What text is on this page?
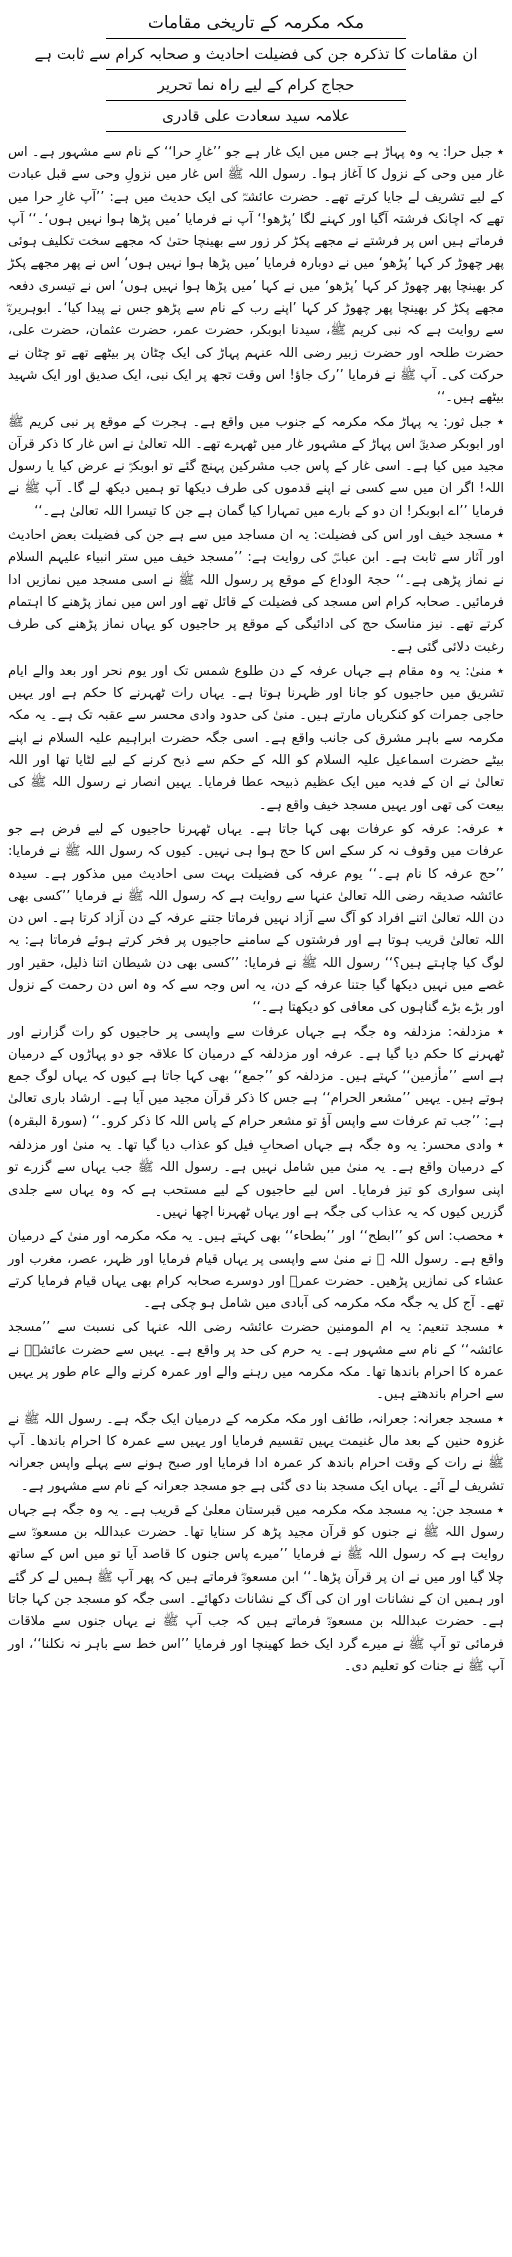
مکہ مکرمہ کے تاریخی مقامات

ان مقامات کا تذکرہ جن کی فضیلت احادیث و صحابہ کرام سے ثابت ہے

حجاج کرام کے لیے راہ نما تحریر

علامہ سید سعادت علی قادری

٭ جبل حرا: یہ وہ پہاڑ ہے جس میں ایک غار ہے جو ’’غارِ حرا‘‘ کے نام سے مشہور ہے۔ اس غار میں وحی کے نزول کا آغاز ہوا۔ رسول اللہ ﷺ اس غار میں نزولِ وحی سے قبل عبادت کے لیے تشریف لے جایا کرتے تھے۔ حضرت عائشہؓ کی ایک حدیث میں ہے: ’’آپ غارِ حرا میں تھے کہ اچانک فرشتہ آگیا اور کہنے لگا ’پڑھو!‘ آپ نے فرمایا ’میں پڑھا ہوا نہیں ہوں‘۔‘‘ آپ فرماتے ہیں اس پر فرشتے نے مجھے پکڑ کر زور سے بھینچا حتیٰ کہ مجھے سخت تکلیف ہوئی پھر چھوڑ کر کہا ’پڑھو‘ میں نے دوبارہ فرمایا ’میں پڑھا ہوا نہیں ہوں‘ اس نے پھر مجھے پکڑ کر بھینچا پھر چھوڑ کر کہا ’پڑھو‘ میں نے کہا ’میں پڑھا ہوا نہیں ہوں‘ اس نے تیسری دفعہ مجھے پکڑ کر بھینچا پھر چھوڑ کر کہا ’اپنے رب کے نام سے پڑھو جس نے پیدا کیا‘۔ ابوہریرہؓ سے روایت ہے کہ نبی کریم ﷺ، سیدنا ابوبکر، حضرت عمر، حضرت عثمان، حضرت علی، حضرت طلحہ اور حضرت زبیر رضی اللہ عنہم پہاڑ کی ایک چٹان پر بیٹھے تھے تو چٹان نے حرکت کی۔ آپ ﷺ نے فرمایا ’’رک جاؤ! اس وقت تجھ پر ایک نبی، ایک صدیق اور ایک شہید بیٹھے ہیں۔‘‘

٭ جبل ثور: یہ پہاڑ مکہ مکرمہ کے جنوب میں واقع ہے۔ ہجرت کے موقع پر نبی کریم ﷺ اور ابوبکر صدیقؓ اس پہاڑ کے مشہور غار میں ٹھہرے تھے۔ اللہ تعالیٰ نے اس غار کا ذکر قرآن مجید میں کیا ہے۔ اسی غار کے پاس جب مشرکین پہنچ گئے تو ابوبکرؓ نے عرض کیا یا رسول اللہ! اگر ان میں سے کسی نے اپنے قدموں کی طرف دیکھا تو ہمیں دیکھ لے گا۔ آپ ﷺ نے فرمایا ’’اے ابوبکر! ان دو کے بارے میں تمہارا کیا گمان ہے جن کا تیسرا اللہ تعالیٰ ہے۔‘‘

٭ مسجد خیف اور اس کی فضیلت: یہ ان مساجد میں سے ہے جن کی فضیلت بعض احادیث اور آثار سے ثابت ہے۔ ابن عباسؓ کی روایت ہے: ’’مسجد خیف میں ستر انبیاء علیہم السلام نے نماز پڑھی ہے۔‘‘ حجۃ الوداع کے موقع پر رسول اللہ ﷺ نے اسی مسجد میں نمازیں ادا فرمائیں۔ صحابہ کرام اس مسجد کی فضیلت کے قائل تھے اور اس میں نماز پڑھنے کا اہتمام کرتے تھے۔ نیز مناسک حج کی ادائیگی کے موقع پر حاجیوں کو یہاں نماز پڑھنے کی طرف رغبت دلائی گئی ہے۔

٭ منیٰ: یہ وہ مقام ہے جہاں عرفہ کے دن طلوع شمس تک اور یوم نحر اور بعد والے ایام تشریق میں حاجیوں کو جانا اور ظہرنا ہوتا ہے۔ یہاں رات ٹھہرنے کا حکم ہے اور یہیں حاجی جمرات کو کنکریاں مارتے ہیں۔ منیٰ کی حدود وادی محسر سے عقبہ تک ہے۔ یہ مکہ مکرمہ سے باہر مشرق کی جانب واقع ہے۔ اسی جگہ حضرت ابراہیم علیہ السلام نے اپنے بیٹے حضرت اسماعیل علیہ السلام کو اللہ کے حکم سے ذبح کرنے کے لیے لٹایا تھا اور اللہ تعالیٰ نے ان کے فدیہ میں ایک عظیم ذبیحہ عطا فرمایا۔ یہیں انصار نے رسول اللہ ﷺ کی بیعت کی تھی اور یہیں مسجد خیف واقع ہے۔

٭ عرفہ: عرفہ کو عرفات بھی کہا جاتا ہے۔ یہاں ٹھہرنا حاجیوں کے لیے فرض ہے جو عرفات میں وقوف نہ کر سکے اس کا حج ہوا ہی نہیں۔ کیوں کہ رسول اللہ ﷺ نے فرمایا: ’’حج عرفہ کا نام ہے۔‘‘ یوم عرفہ کی فضیلت بہت سی احادیث میں مذکور ہے۔ سیدہ عائشہ صدیقہ رضی اللہ تعالیٰ عنہا سے روایت ہے کہ رسول اللہ ﷺ نے فرمایا ’’کسی بھی دن اللہ تعالیٰ اتنے افراد کو آگ سے آزاد نہیں فرماتا جتنے عرفہ کے دن آزاد کرتا ہے۔ اس دن اللہ تعالیٰ قریب ہوتا ہے اور فرشتوں کے سامنے حاجیوں پر فخر کرتے ہوئے فرماتا ہے: یہ لوگ کیا چاہتے ہیں؟‘‘ رسول اللہ ﷺ نے فرمایا: ’’کسی بھی دن شیطان اتنا ذلیل، حقیر اور غصے میں نہیں دیکھا گیا جتنا عرفہ کے دن، یہ اس وجہ سے کہ وہ اس دن رحمت کے نزول اور بڑے بڑے گناہوں کی معافی کو دیکھتا ہے۔‘‘

٭ مزدلفہ: مزدلفہ وہ جگہ ہے جہاں عرفات سے واپسی پر حاجیوں کو رات گزارنے اور ٹھہرنے کا حکم دیا گیا ہے۔ عرفہ اور مزدلفہ کے درمیان کا علاقہ جو دو پہاڑوں کے درمیان ہے اسے ’’مأزمین‘‘ کہتے ہیں۔ مزدلفہ کو ’’جمع‘‘ بھی کہا جاتا ہے کیوں کہ یہاں لوگ جمع ہوتے ہیں۔ یہیں ’’مشعر الحرام‘‘ ہے جس کا ذکر قرآن مجید میں آیا ہے۔ ارشاد باری تعالیٰ ہے: ’’جب تم عرفات سے واپس آؤ تو مشعر حرام کے پاس اللہ کا ذکر کرو۔‘‘ (سورۃ البقرہ)

٭ وادی محسر: یہ وہ جگہ ہے جہاں اصحابِ فیل کو عذاب دیا گیا تھا۔ یہ منیٰ اور مزدلفہ کے درمیان واقع ہے۔ یہ منیٰ میں شامل نہیں ہے۔ رسول اللہ ﷺ جب یہاں سے گزرے تو اپنی سواری کو تیز فرمایا۔ اس لیے حاجیوں کے لیے مستحب ہے کہ وہ یہاں سے جلدی گزریں کیوں کہ یہ عذاب کی جگہ ہے اور یہاں ٹھہرنا اچھا نہیں۔

٭ محصب: اس کو ’’ابطح‘‘ اور ’’بطحاء‘‘ بھی کہتے ہیں۔ یہ مکہ مکرمہ اور منیٰ کے درمیان واقع ہے۔ رسول اللہ ﷺ نے منیٰ سے واپسی پر یہاں قیام فرمایا اور ظہر، عصر، مغرب اور عشاء کی نمازیں پڑھیں۔ حضرت عمرؓ اور دوسرے صحابہ کرام بھی یہاں قیام فرمایا کرتے تھے۔ آج کل یہ جگہ مکہ مکرمہ کی آبادی میں شامل ہو چکی ہے۔

٭ مسجد تنعیم: یہ ام المومنین حضرت عائشہ رضی اللہ عنہا کی نسبت سے ’’مسجد عائشہ‘‘ کے نام سے مشہور ہے۔ یہ حرم کی حد پر واقع ہے۔ یہیں سے حضرت عائشہؓ نے عمرہ کا احرام باندھا تھا۔ مکہ مکرمہ میں رہنے والے اور عمرہ کرنے والے عام طور پر یہیں سے احرام باندھتے ہیں۔

٭ مسجد جعرانہ: جعرانہ، طائف اور مکہ مکرمہ کے درمیان ایک جگہ ہے۔ رسول اللہ ﷺ نے غزوہ حنین کے بعد مال غنیمت یہیں تقسیم فرمایا اور یہیں سے عمرہ کا احرام باندھا۔ آپ ﷺ نے رات کے وقت احرام باندھ کر عمرہ ادا فرمایا اور صبح ہونے سے پہلے واپس جعرانہ تشریف لے آئے۔ یہاں ایک مسجد بنا دی گئی ہے جو مسجد جعرانہ کے نام سے مشہور ہے۔

٭ مسجد جن: یہ مسجد مکہ مکرمہ میں قبرستان معلیٰ کے قریب ہے۔ یہ وہ جگہ ہے جہاں رسول اللہ ﷺ نے جنوں کو قرآن مجید پڑھ کر سنایا تھا۔ حضرت عبداللہ بن مسعودؓ سے روایت ہے کہ رسول اللہ ﷺ نے فرمایا ’’میرے پاس جنوں کا قاصد آیا تو میں اس کے ساتھ چلا گیا اور میں نے ان پر قرآن پڑھا۔‘‘ ابن مسعودؓ فرماتے ہیں کہ پھر آپ ﷺ ہمیں لے کر گئے اور ہمیں ان کے نشانات اور ان کی آگ کے نشانات دکھائے۔ اسی جگہ کو مسجد جن کہا جاتا ہے۔ حضرت عبداللہ بن مسعودؓ فرماتے ہیں کہ جب آپ ﷺ نے یہاں جنوں سے ملاقات فرمائی تو آپ ﷺ نے میرے گرد ایک خط کھینچا اور فرمایا ’’اس خط سے باہر نہ نکلنا‘‘، اور آپ ﷺ نے جنات کو تعلیم دی۔
